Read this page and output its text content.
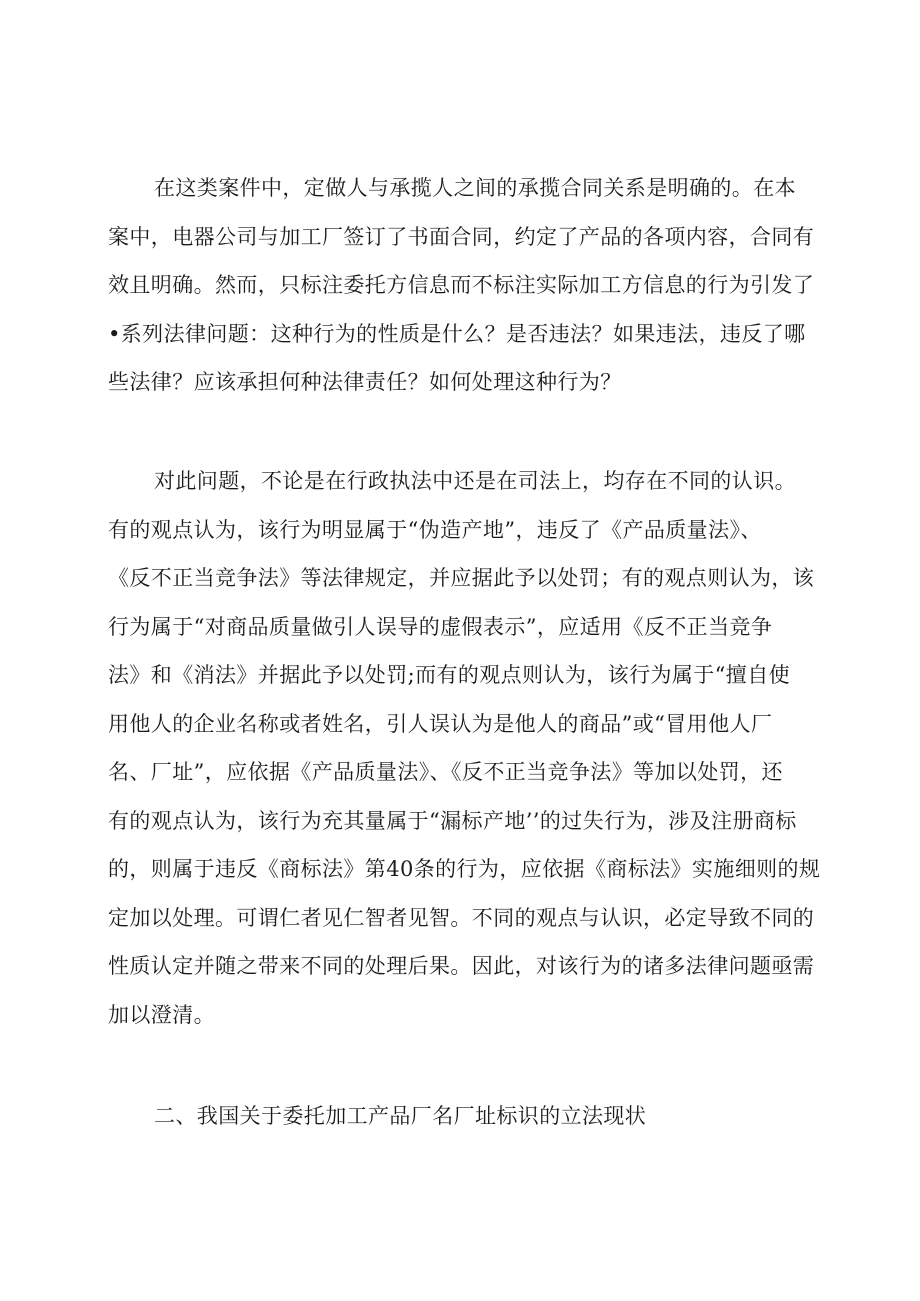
在这类案件中，定做人与承揽人之间的承揽合同关系是明确的。在本
案中，电器公司与加工厂签订了书面合同，约定了产品的各项内容，合同有
效且明确。然而，只标注委托方信息而不标注实际加工方信息的行为引发了
•系列法律问题：这种行为的性质是什么？是否违法？如果违法，违反了哪
些法律？应该承担何种法律责任？如何处理这种行为？

对此问题，不论是在行政执法中还是在司法上，均存在不同的认识。
有的观点认为，该行为明显属于“伪造产地”，违反了《产品质量法》、
《反不正当竞争法》等法律规定，并应据此予以处罚；有的观点则认为，该
行为属于“对商品质量做引人误导的虚假表示”，应适用《反不正当竞争
法》和《消法》并据此予以处罚;而有的观点则认为，该行为属于“擅自使
用他人的企业名称或者姓名，引人误认为是他人的商品”或“冒用他人厂
名、厂址”，应依据《产品质量法》、《反不正当竞争法》等加以处罚，还
有的观点认为，该行为充其量属于“漏标产地’’的过失行为，涉及注册商标
的，则属于违反《商标法》第40条的行为，应依据《商标法》实施细则的规
定加以处理。可谓仁者见仁智者见智。不同的观点与认识，必定导致不同的
性质认定并随之带来不同的处理后果。因此，对该行为的诸多法律问题亟需
加以澄清。

二、我国关于委托加工产品厂名厂址标识的立法现状
